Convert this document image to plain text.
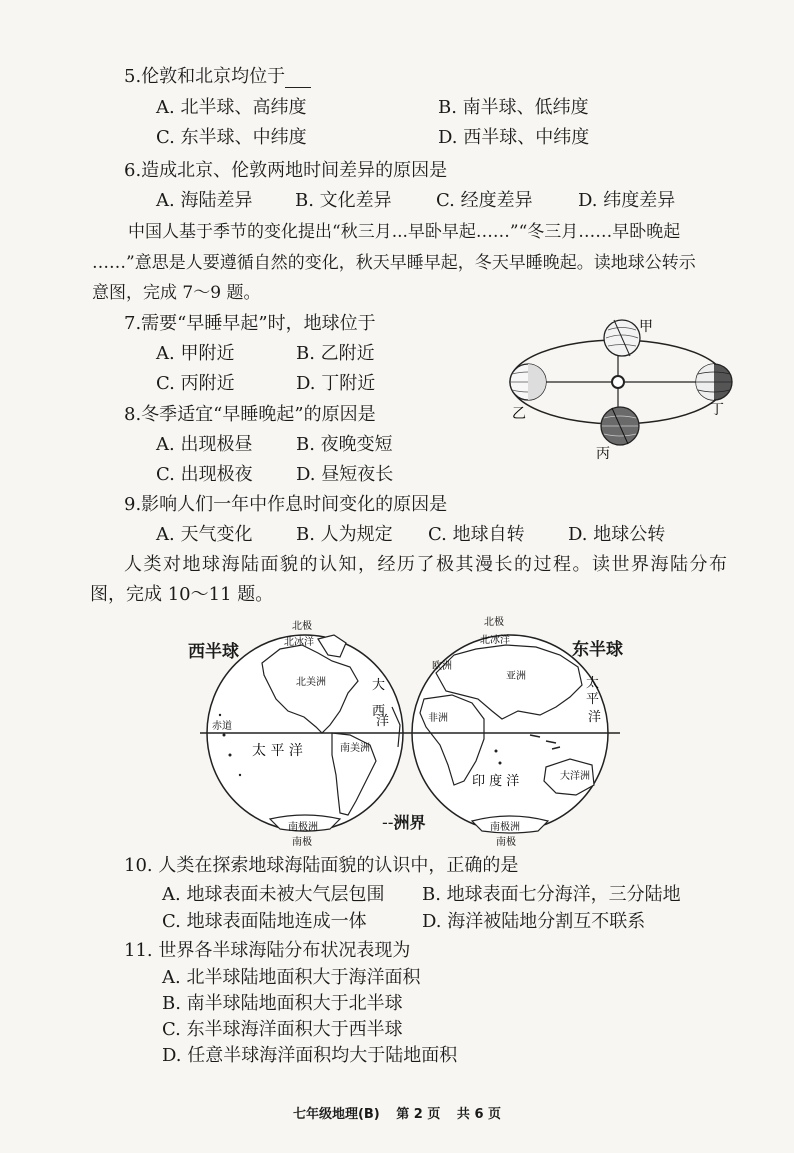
5.伦敦和北京均位于
A. 北半球、高纬度	B. 南半球、低纬度
C. 东半球、中纬度	D. 西半球、中纬度
6.造成北京、伦敦两地时间差异的原因是
A. 海陆差异 B. 文化差异 C. 经度差异	D. 纬度差异
中国人基于季节的变化提出“秋三月...早卧早起……”“冬三月……早卧晚起
……”意思是人要遵循自然的变化，秋天早睡早起，冬天早睡晚起。读地球公转示
意图，完成 7～9 题。
7.需要“早睡早起”时，地球位于
A. 甲附近	B. 乙附近
C. 丙附近	D. 丁附近
8.冬季适宜“早睡晚起”的原因是
A. 出现极昼 B. 夜晚变短
C. 出现极夜 D. 昼短夜长
甲
乙
丙
丁
9.影响人们一年中作息时间变化的原因是
A. 天气变化 B. 人为规定 C. 地球自转 D. 地球公转
人类对地球海陆面貌的认知，经历了极其漫长的过程。读世界海陆分布
图，完成 10～11 题。
西半球	东半球
--洲界
北极
北冰洋
北美洲	大
西
洋
赤道
太 平 洋	南美洲
南极洲
南极
北极
北冰洋
欧洲
亚洲
非洲
太
平
洋
印 度 洋	大洋洲
南极洲
南极
10. 人类在探索地球海陆面貌的认识中，正确的是
A. 地球表面未被大气层包围 B. 地球表面七分海洋，三分陆地
C. 地球表面陆地连成一体	D. 海洋被陆地分割互不联系
11. 世界各半球海陆分布状况表现为
A. 北半球陆地面积大于海洋面积
B. 南半球陆地面积大于北半球
C. 东半球海洋面积大于西半球
D. 任意半球海洋面积均大于陆地面积
七年级地理(B) 第 2 页 共 6 页
